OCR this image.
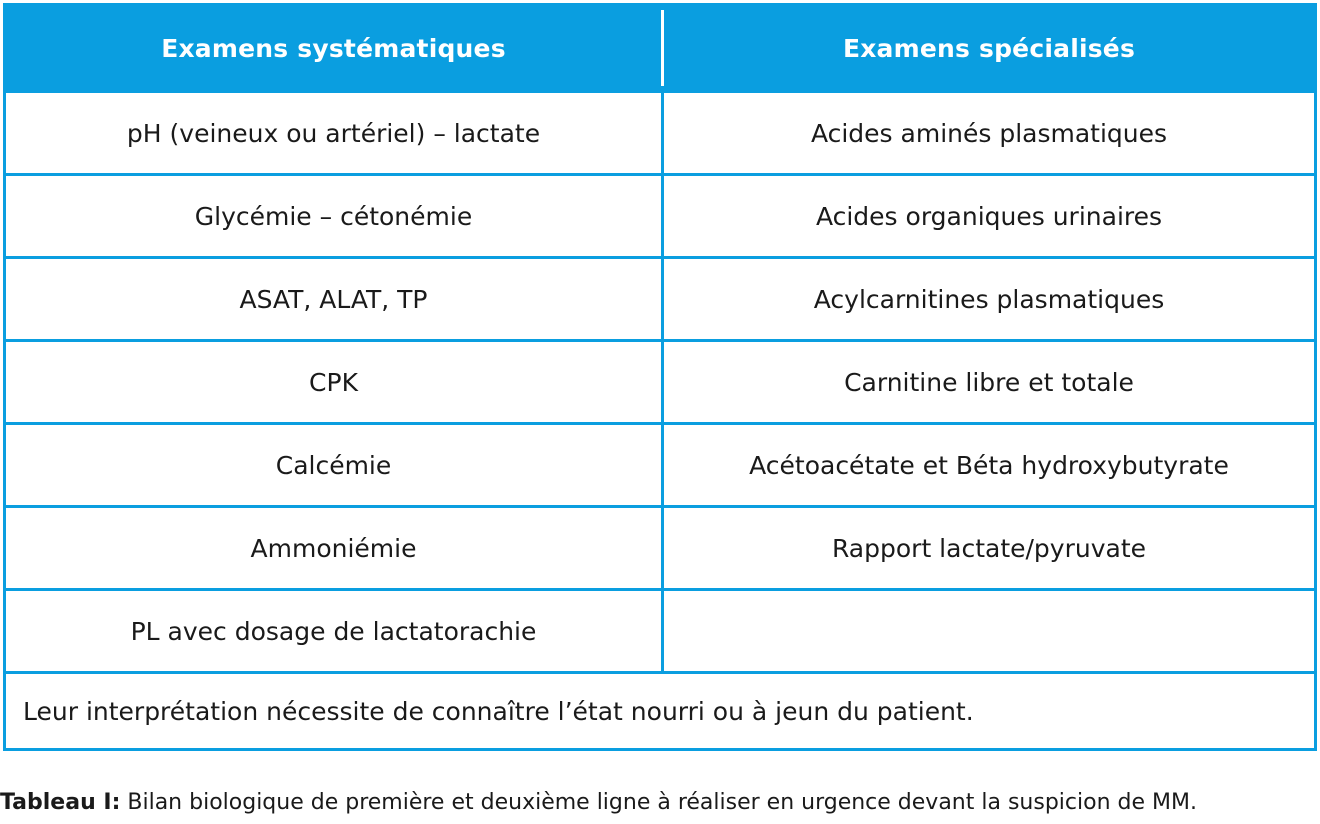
Examens systématiques	Examens spécialisés
pH (veineux ou artériel) – lactate	Acides aminés plasmatiques
Glycémie – cétonémie	Acides organiques urinaires
ASAT, ALAT, TP	Acylcarnitines plasmatiques
CPK	Carnitine libre et totale
Calcémie	Acétoacétate et Béta hydroxybutyrate
Ammoniémie	Rapport lactate/pyruvate
PL avec dosage de lactatorachie
Leur interprétation nécessite de connaître l’état nourri ou à jeun du patient.
Tableau I: Bilan biologique de première et deuxième ligne à réaliser en urgence devant la suspicion de MM.
